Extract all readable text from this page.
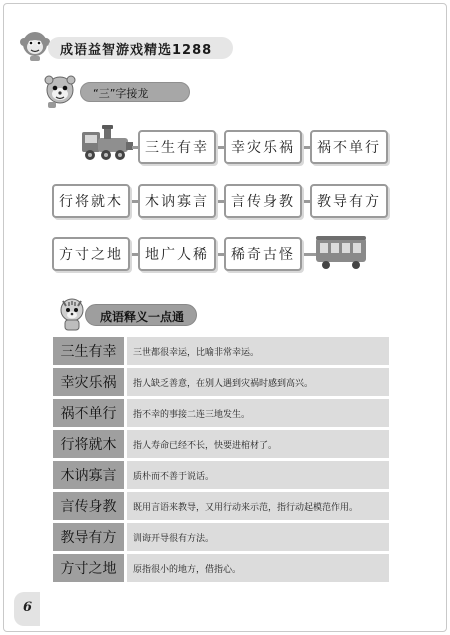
成语益智游戏精选1288
“三”字接龙
三生有幸	幸灾乐祸	祸不单行
行将就木	木讷寡言	言传身教	教导有方
方寸之地	地广人稀	稀奇古怪
成语释义一点通
三生有幸	三世都很幸运，比喻非常幸运。
幸灾乐祸	指人缺乏善意，在别人遇到灾祸时感到高兴。
祸不单行	指不幸的事接二连三地发生。
行将就木	指人寿命已经不长，快要进棺材了。
木讷寡言	质朴而不善于说话。
言传身教	既用言语来教导，又用行动来示范，指行动起模范作用。
教导有方	训诲开导很有方法。
方寸之地	原指很小的地方，借指心。
6
